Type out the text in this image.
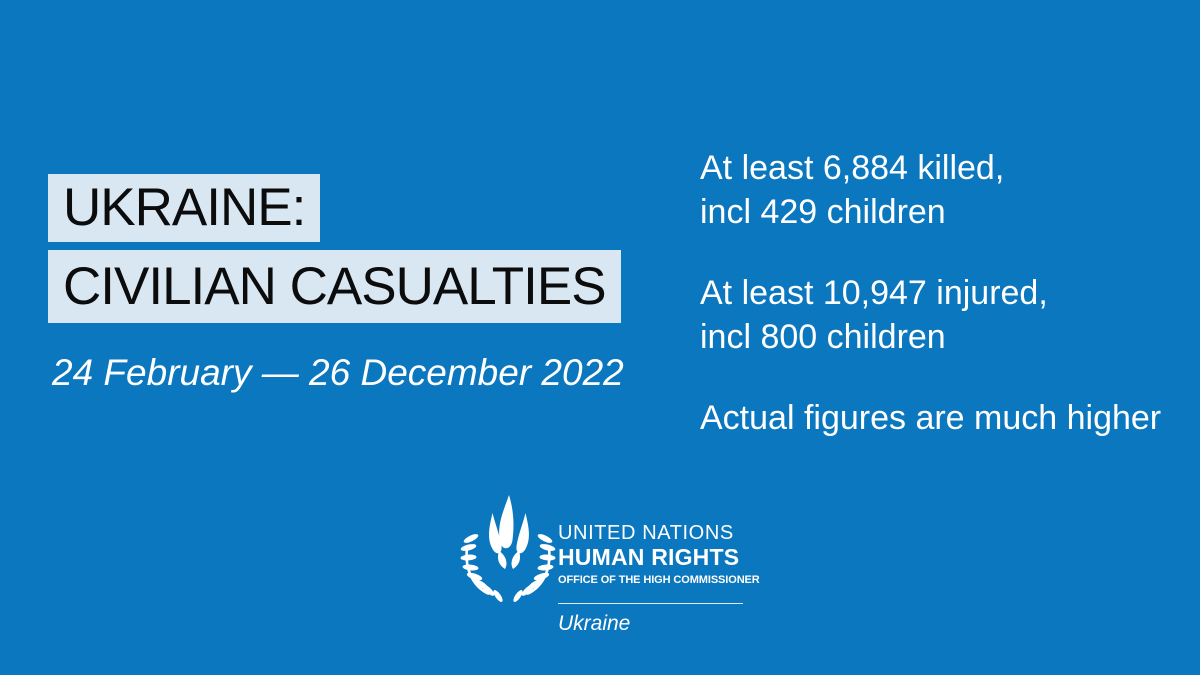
UKRAINE:
CIVILIAN CASUALTIES
24 February — 26 December 2022
At least 6,884 killed,
incl 429 children
At least 10,947 injured,
incl 800 children
Actual figures are much higher
UNITED NATIONS
HUMAN RIGHTS
OFFICE OF THE HIGH COMMISSIONER
Ukraine
